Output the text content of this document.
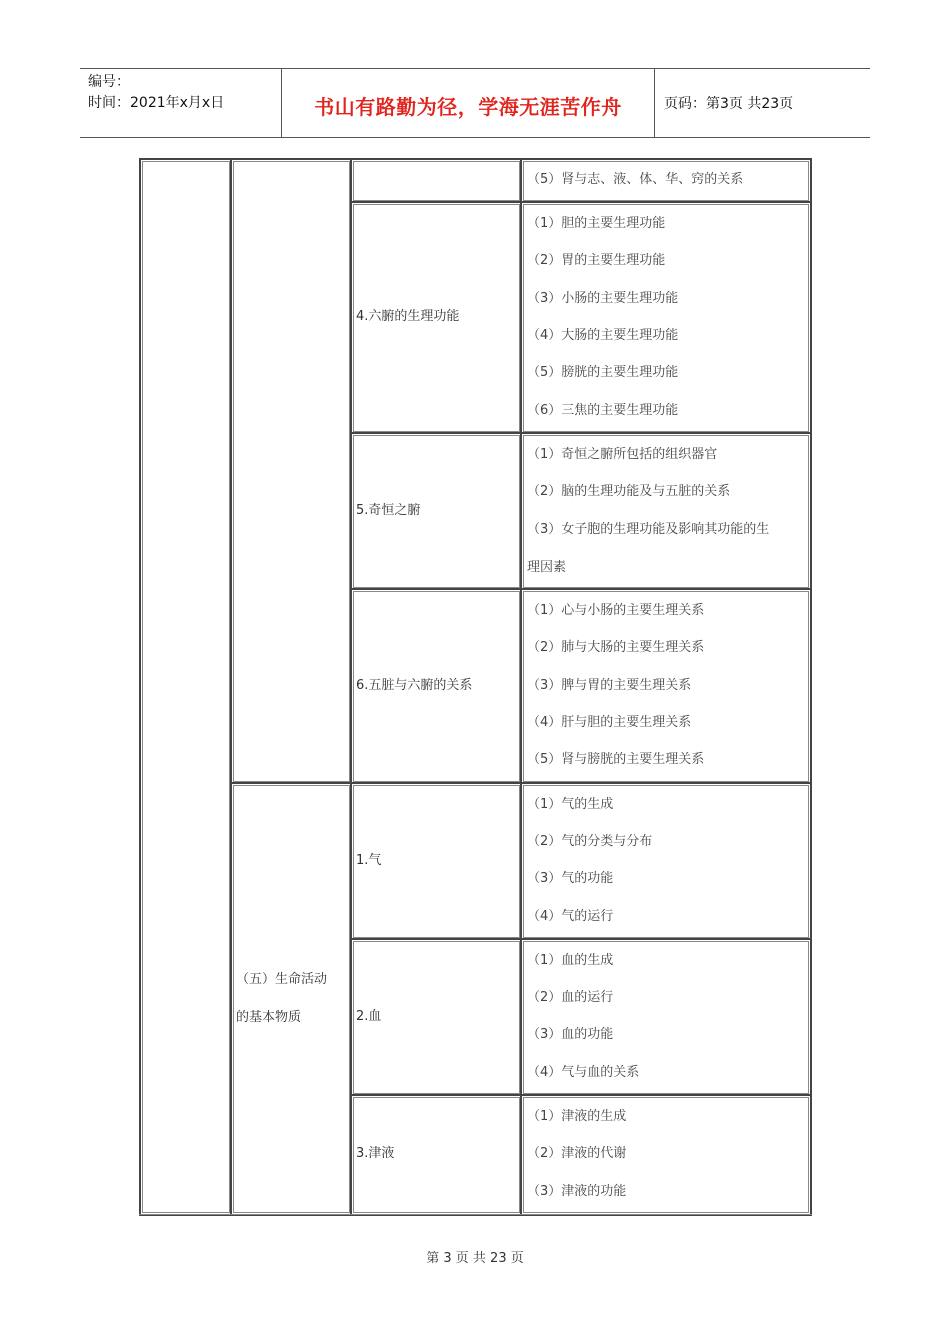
编号：
时间：2021年x月x日	书山有路勤为径，学海无涯苦作舟	页码：第3页 共23页
（五）生命活动
的基本物质
4.六腑的生理功能
5.奇恒之腑
6.五脏与六腑的关系
1.气
2.血
3.津液
（5）肾与志、液、体、华、窍的关系
（1）胆的主要生理功能
（2）胃的主要生理功能
（3）小肠的主要生理功能
（4）大肠的主要生理功能
（5）膀胱的主要生理功能
（6）三焦的主要生理功能
（1）奇恒之腑所包括的组织器官
（2）脑的生理功能及与五脏的关系
（3）女子胞的生理功能及影响其功能的生
理因素
（1）心与小肠的主要生理关系
（2）肺与大肠的主要生理关系
（3）脾与胃的主要生理关系
（4）肝与胆的主要生理关系
（5）肾与膀胱的主要生理关系
（1）气的生成
（2）气的分类与分布
（3）气的功能
（4）气的运行
（1）血的生成
（2）血的运行
（3）血的功能
（4）气与血的关系
（1）津液的生成
（2）津液的代谢
（3）津液的功能
第 3 页 共 23 页
